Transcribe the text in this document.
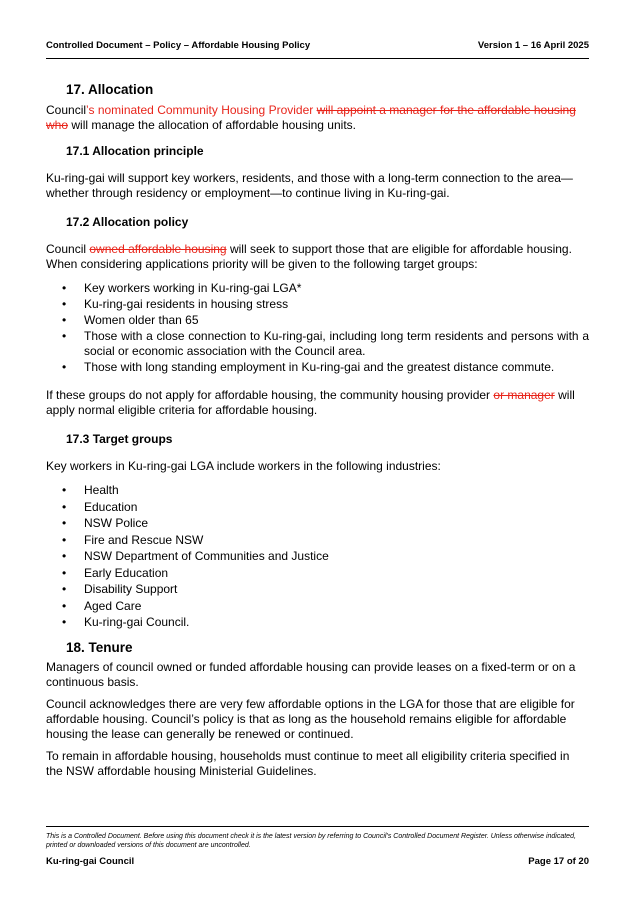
Controlled Document – Policy – Affordable Housing Policy	Version 1 – 16 April 2025
17. Allocation

Council’s nominated Community Housing Provider will appoint a manager for the affordable housing who will manage the allocation of affordable housing units.

17.1 Allocation principle

Ku-ring-gai will support key workers, residents, and those with a long-term connection to the area—whether through residency or employment—to continue living in Ku-ring-gai.

17.2 Allocation policy

Council owned affordable housing will seek to support those that are eligible for affordable housing. When considering applications priority will be given to the following target groups:

• Key workers working in Ku-ring-gai LGA*
• Ku-ring-gai residents in housing stress
• Women older than 65
• Those with a close connection to Ku-ring-gai, including long term residents and persons with a social or economic association with the Council area.
• Those with long standing employment in Ku-ring-gai and the greatest distance commute.

If these groups do not apply for affordable housing, the community housing provider or manager will apply normal eligible criteria for affordable housing.

17.3 Target groups

Key workers in Ku-ring-gai LGA include workers in the following industries:

• Health
• Education
• NSW Police
• Fire and Rescue NSW
• NSW Department of Communities and Justice
• Early Education
• Disability Support
• Aged Care
• Ku-ring-gai Council.
18. Tenure

Managers of council owned or funded affordable housing can provide leases on a fixed-term or on a continuous basis.

Council acknowledges there are very few affordable options in the LGA for those that are eligible for affordable housing. Council’s policy is that as long as the household remains eligible for affordable housing the lease can generally be renewed or continued.

To remain in affordable housing, households must continue to meet all eligibility criteria specified in the NSW affordable housing Ministerial Guidelines.

This is a Controlled Document. Before using this document check it is the latest version by referring to Council’s Controlled Document Register. Unless otherwise indicated, printed or downloaded versions of this document are uncontrolled.
Ku-ring-gai Council	Page 17 of 20
